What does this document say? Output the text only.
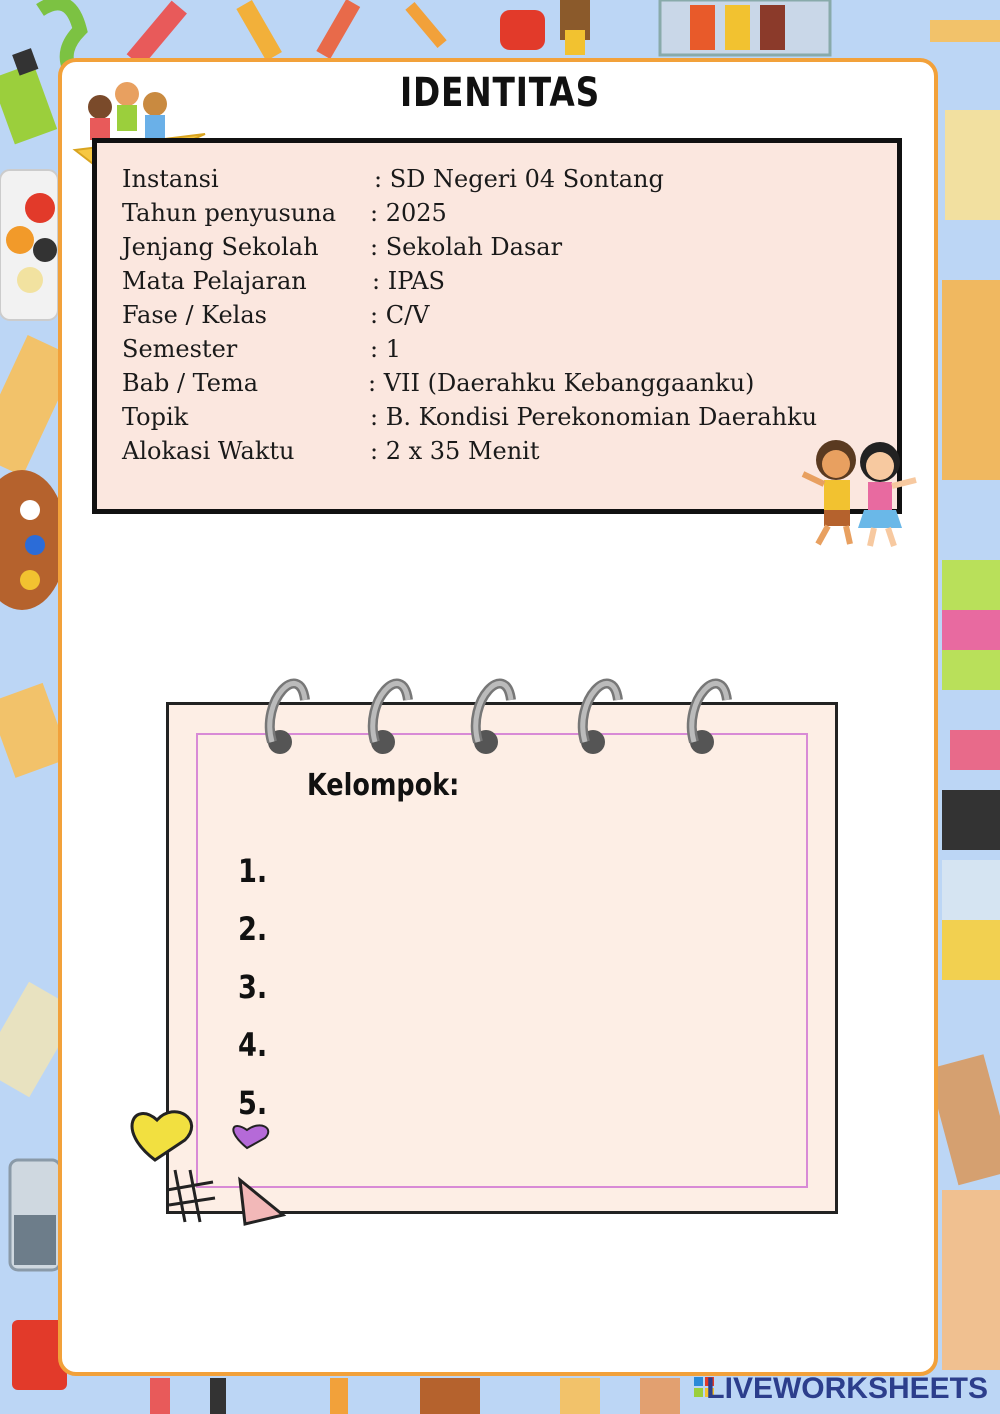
IDENTITAS
Instansi	: SD Negeri 04 Sontang
Tahun penyusuna : 2025
Jenjang Sekolah : Sekolah Dasar
Mata Pelajaran	: IPAS
Fase / Kelas	: C/V
Semester	: 1
Bab / Tema	: VII (Daerahku Kebanggaanku)
Topik	: B. Kondisi Perekonomian Daerahku
Alokasi Waktu	: 2 x 35 Menit
Kelompok:
1.
2.
3.
4.
5.
LIVEWORKSHEETS
